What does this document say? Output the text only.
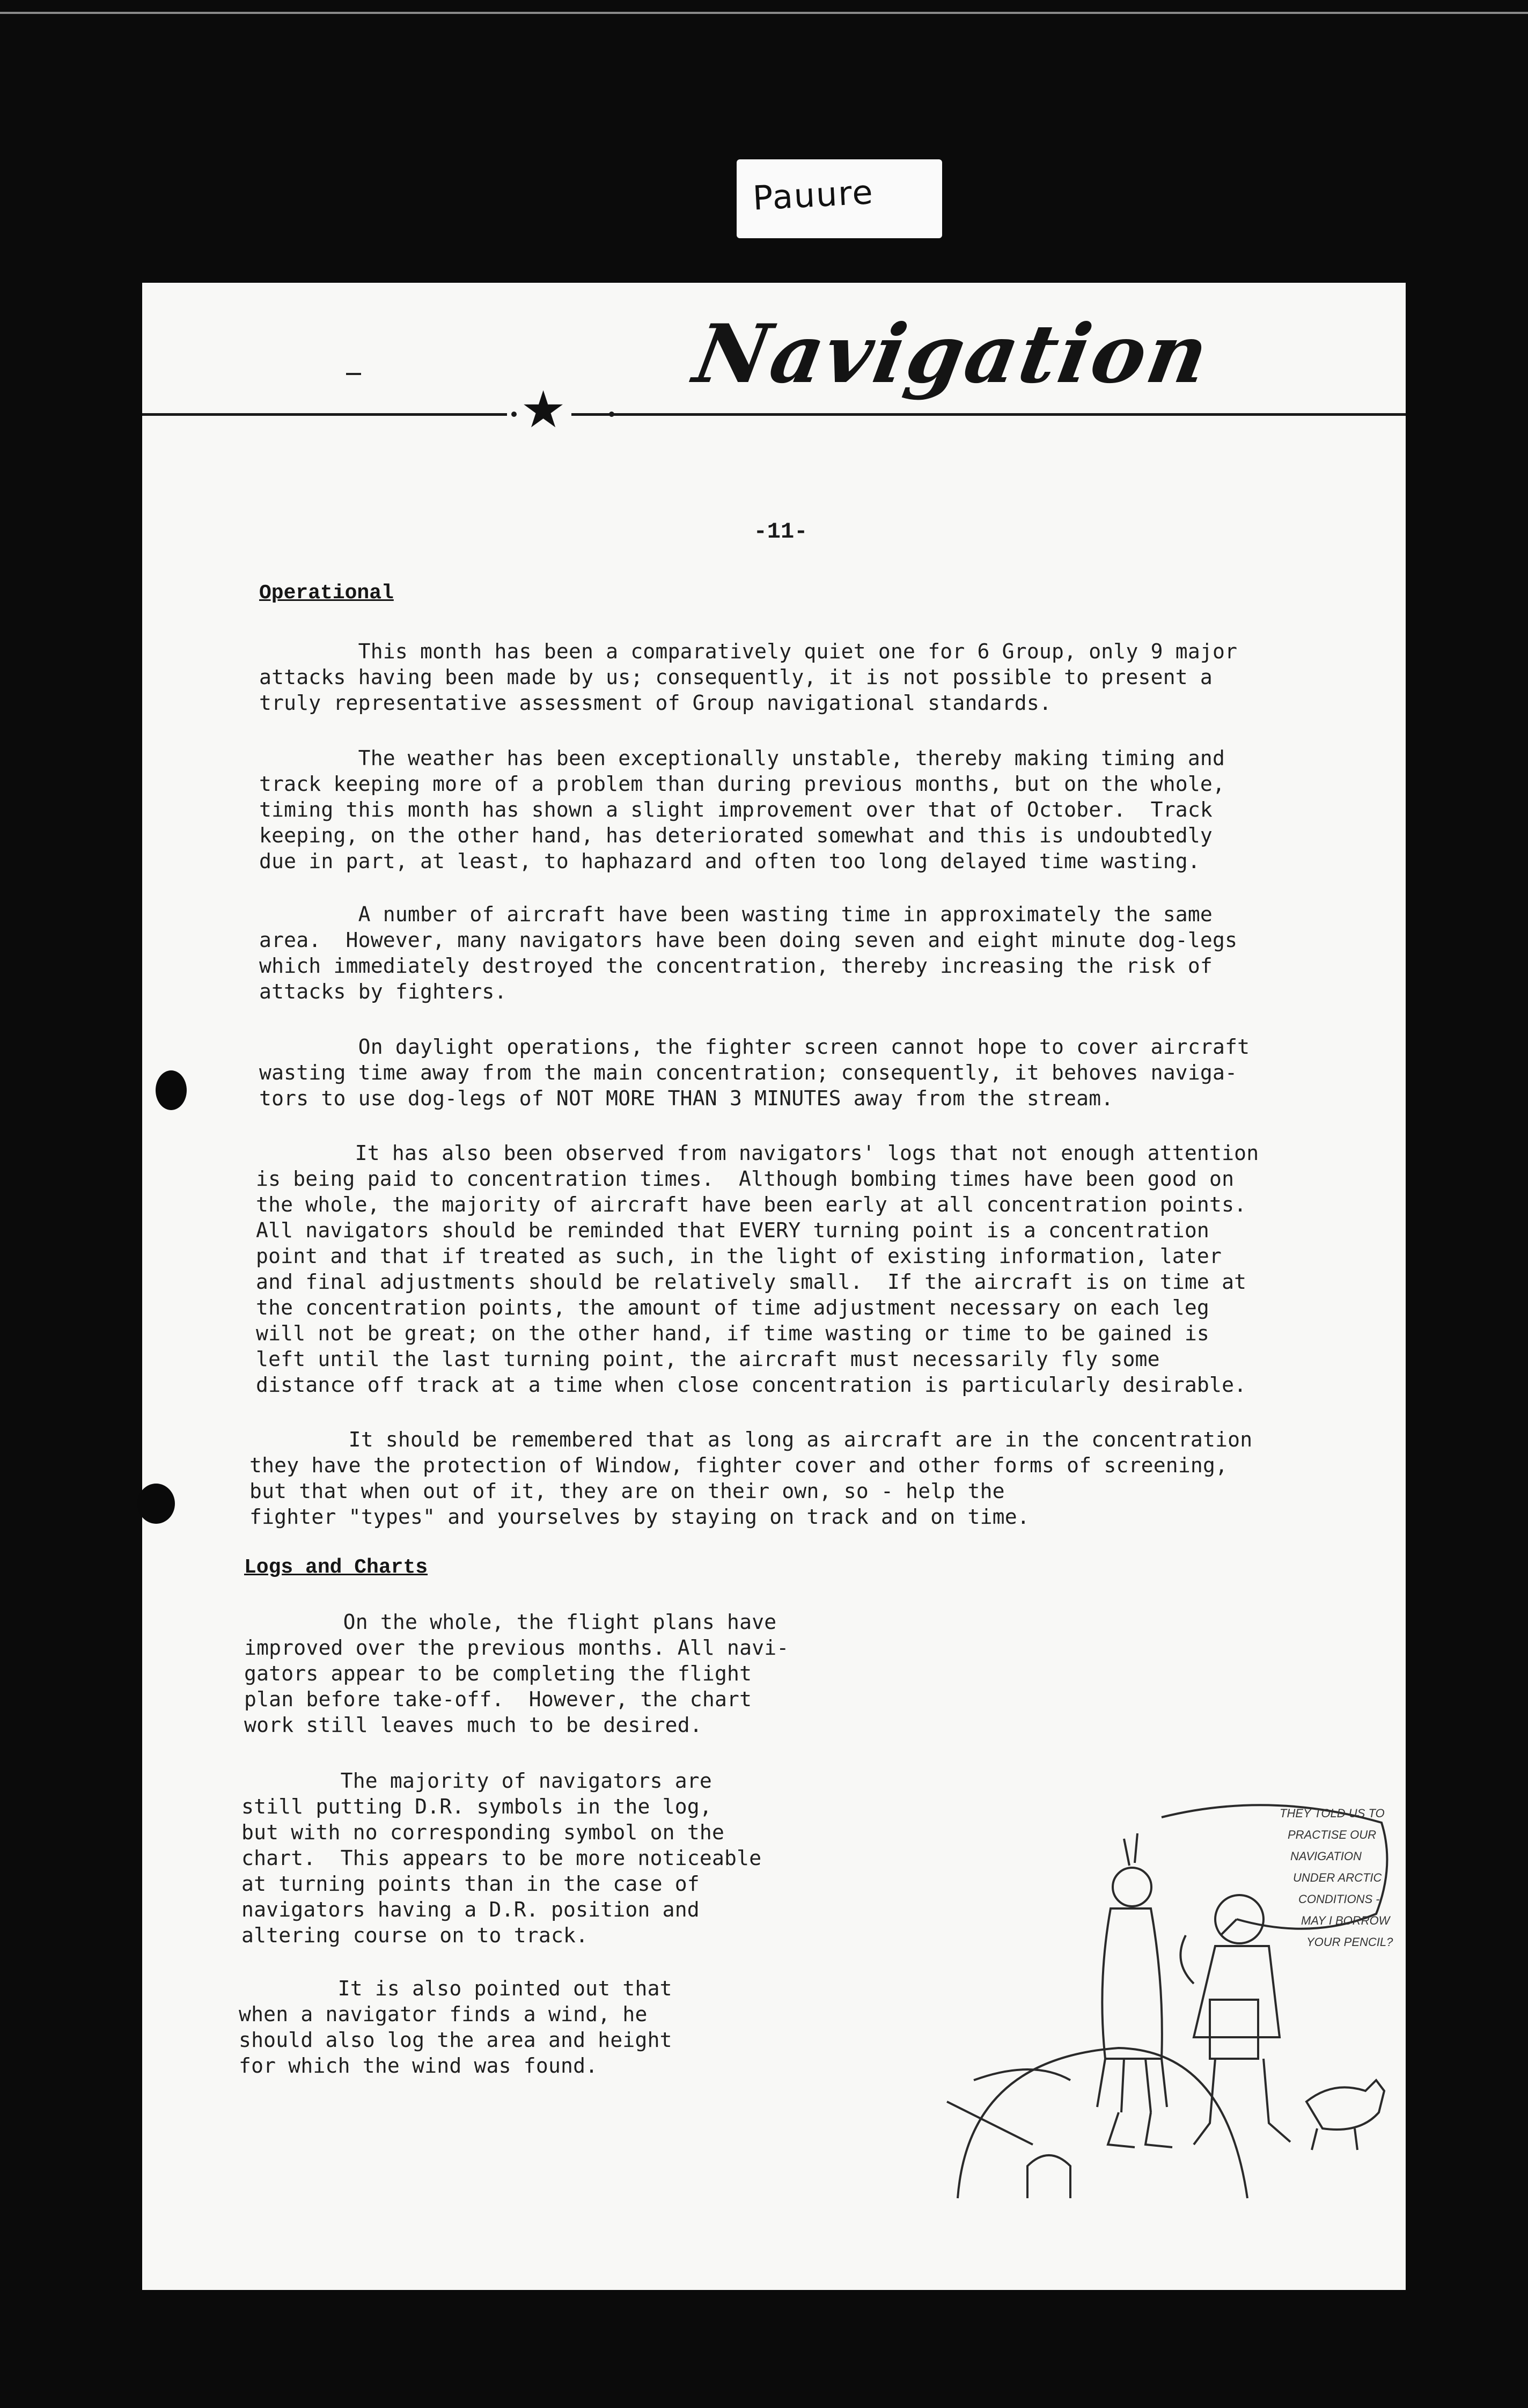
Pauure
Navigation
★
-11-
Operational
This month has been a comparatively quiet one for 6 Group, only 9 major
attacks having been made by us; consequently, it is not possible to present a
truly representative assessment of Group navigational standards.
The weather has been exceptionally unstable, thereby making timing and
track keeping more of a problem than during previous months, but on the whole,
timing this month has shown a slight improvement over that of October.  Track
keeping, on the other hand, has deteriorated somewhat and this is undoubtedly
due in part, at least, to haphazard and often too long delayed time wasting.
A number of aircraft have been wasting time in approximately the same
area.  However, many navigators have been doing seven and eight minute dog-legs
which immediately destroyed the concentration, thereby increasing the risk of
attacks by fighters.
On daylight operations, the fighter screen cannot hope to cover aircraft
wasting time away from the main concentration; consequently, it behoves naviga-
tors to use dog-legs of NOT MORE THAN 3 MINUTES away from the stream.
It has also been observed from navigators' logs that not enough attention
is being paid to concentration times.  Although bombing times have been good on
the whole, the majority of aircraft have been early at all concentration points.
All navigators should be reminded that EVERY turning point is a concentration
point and that if treated as such, in the light of existing information, later
and final adjustments should be relatively small.  If the aircraft is on time at
the concentration points, the amount of time adjustment necessary on each leg
will not be great; on the other hand, if time wasting or time to be gained is
left until the last turning point, the aircraft must necessarily fly some
distance off track at a time when close concentration is particularly desirable.
It should be remembered that as long as aircraft are in the concentration
they have the protection of Window, fighter cover and other forms of screening,
but that when out of it, they are on their own, so - help the
fighter "types" and yourselves by staying on track and on time.
Logs and Charts
On the whole, the flight plans have
improved over the previous months. All navi-
gators appear to be completing the flight
plan before take-off.  However, the chart
work still leaves much to be desired.
The majority of navigators are
still putting D.R. symbols in the log,
but with no corresponding symbol on the
chart.  This appears to be more noticeable
at turning points than in the case of
navigators having a D.R. position and
altering course on to track.
It is also pointed out that
when a navigator finds a wind, he
should also log the area and height
for which the wind was found.
THEY TOLD US TO
PRACTISE OUR
NAVIGATION
UNDER ARCTIC
CONDITIONS -
MAY I BORROW
YOUR PENCIL?
